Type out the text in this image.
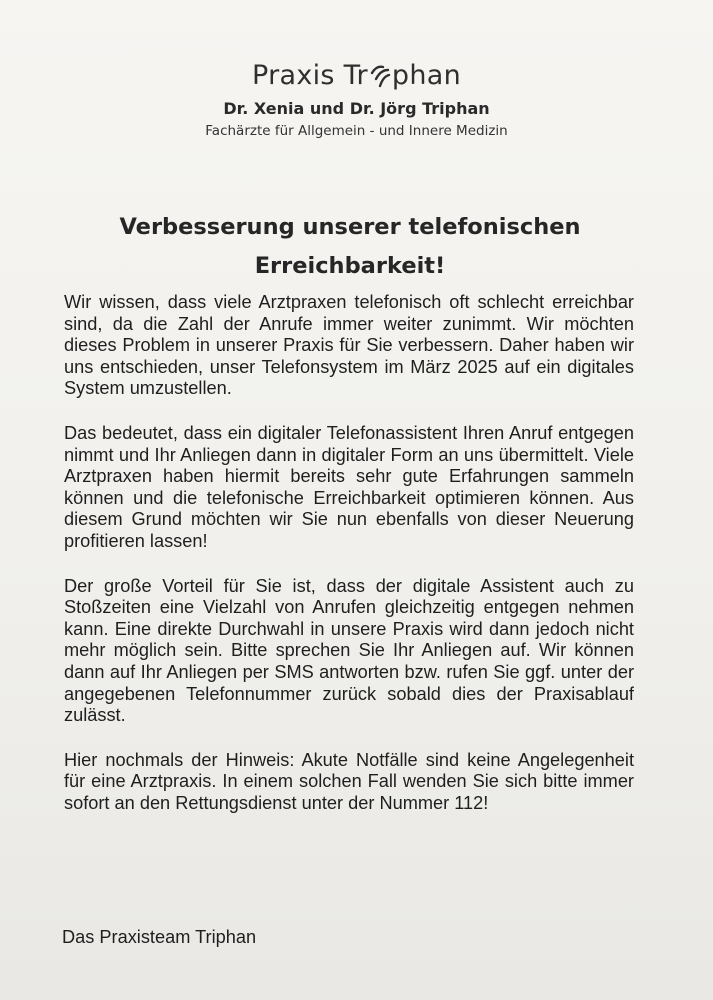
Praxis Tr phan
Dr. Xenia und Dr. Jörg Triphan
Fachärzte für Allgemein - und Innere Medizin
Verbesserung unserer telefonischen
Erreichbarkeit!

Wir wissen, dass viele Arztpraxen telefonisch oft schlecht erreichbar sind, da die Zahl der Anrufe immer weiter zunimmt. Wir möchten dieses Problem in unserer Praxis für Sie verbessern. Daher haben wir uns entschieden, unser Telefonsystem im März 2025 auf ein digitales System umzustellen.

Das bedeutet, dass ein digitaler Telefonassistent Ihren Anruf entgegen nimmt und Ihr Anliegen dann in digitaler Form an uns übermittelt. Viele Arztpraxen haben hiermit bereits sehr gute Erfahrungen sammeln können und die telefonische Erreichbarkeit optimieren können. Aus diesem Grund möchten wir Sie nun ebenfalls von dieser Neuerung profitieren lassen!

Der große Vorteil für Sie ist, dass der digitale Assistent auch zu Stoßzeiten eine Vielzahl von Anrufen gleichzeitig entgegen nehmen kann. Eine direkte Durchwahl in unsere Praxis wird dann jedoch nicht mehr möglich sein. Bitte sprechen Sie Ihr Anliegen auf. Wir können dann auf Ihr Anliegen per SMS antworten bzw. rufen Sie ggf. unter der angegebenen Telefonnummer zurück sobald dies der Praxisablauf zulässt.

Hier nochmals der Hinweis: Akute Notfälle sind keine Angelegenheit für eine Arztpraxis. In einem solchen Fall wenden Sie sich bitte immer sofort an den Rettungsdienst unter der Nummer 112!

Das Praxisteam Triphan
